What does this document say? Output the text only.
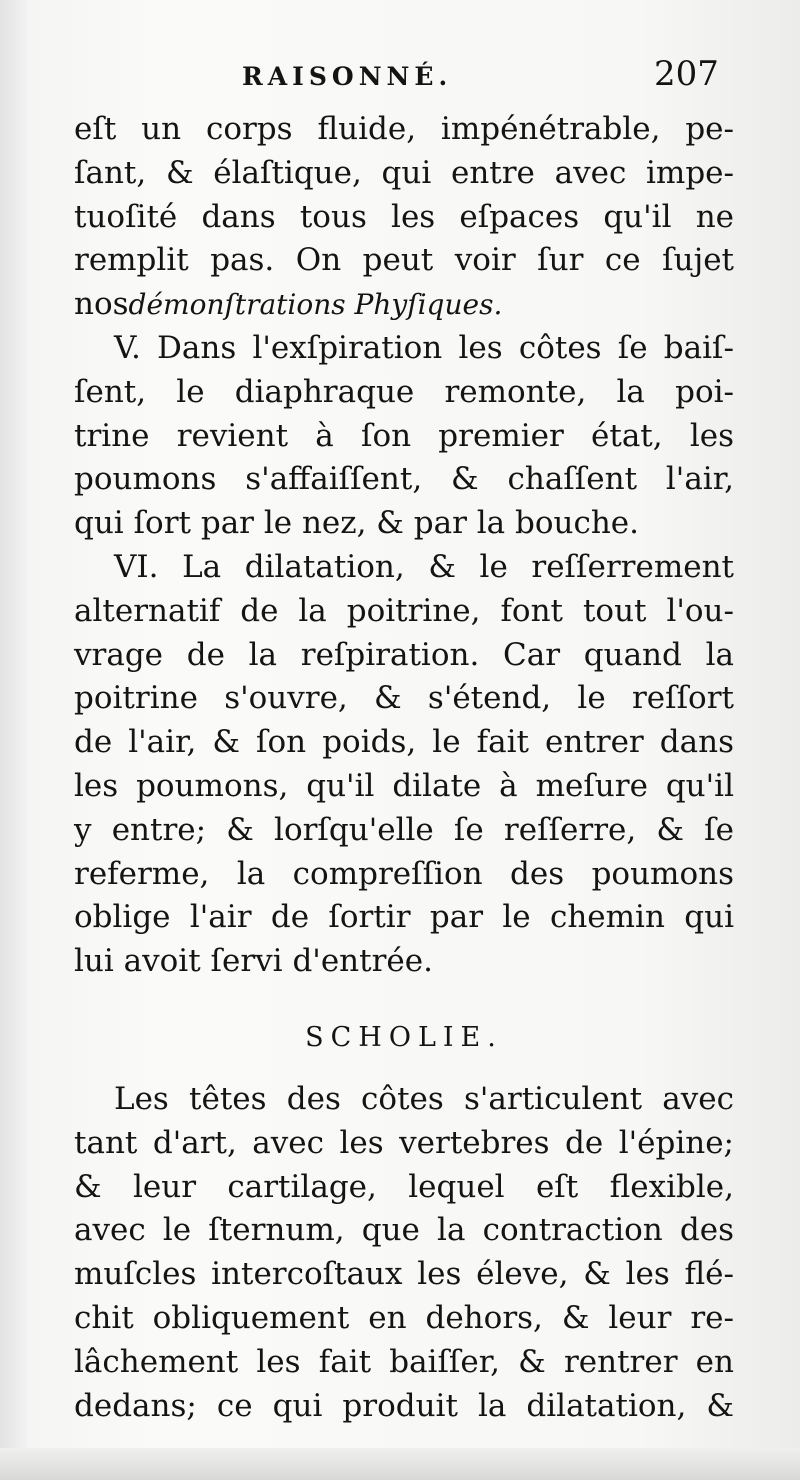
RAISONNÉ.	207
eſt un corps fluide, impénétrable, pe-
ſant, & élaſtique, qui entre avec impe-
tuoſité dans tous les eſpaces qu'il ne
remplit pas. On peut voir ſur ce ſujet
nosdémonſtrations Phyſiques.
V. Dans l'exſpiration les côtes ſe baiſ-
ſent, le diaphraque remonte, la poi-
trine revient à ſon premier état, les
poumons s'affaiſſent, & chaſſent l'air,
qui ſort par le nez, & par la bouche.
VI. La dilatation, & le reſſerrement
alternatif de la poitrine, font tout l'ou-
vrage de la reſpiration. Car quand la
poitrine s'ouvre, & s'étend, le reſſort
de l'air, & ſon poids, le fait entrer dans
les poumons, qu'il dilate à meſure qu'il
y entre; & lorſqu'elle ſe reſſerre, & ſe
referme, la compreſſion des poumons
oblige l'air de ſortir par le chemin qui
lui avoit ſervi d'entrée.
SCHOLIE.
Les têtes des côtes s'articulent avec
tant d'art, avec les vertebres de l'épine;
& leur cartilage, lequel eſt flexible,
avec le ſternum, que la contraction des
muſcles intercoſtaux les éleve, & les flé-
chit obliquement en dehors, & leur re-
lâchement les fait baiſſer, & rentrer en
dedans; ce qui produit la dilatation, &
